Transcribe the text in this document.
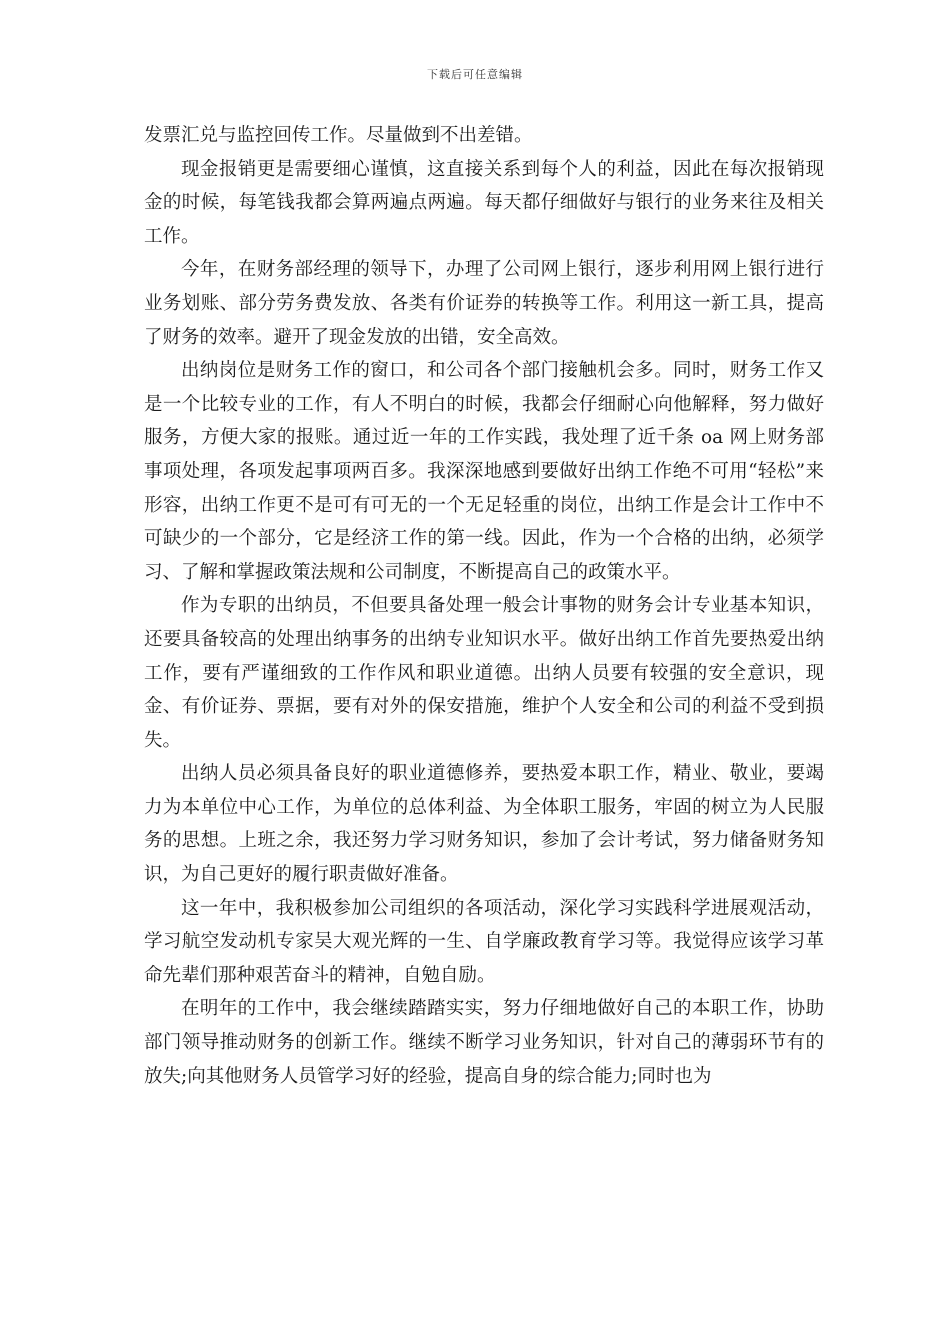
下载后可任意编辑

发票汇兑与监控回传工作。尽量做到不出差错。

现金报销更是需要细心谨慎，这直接关系到每个人的利益，因此在每次报销现金的时候，每笔钱我都会算两遍点两遍。每天都仔细做好与银行的业务来往及相关工作。

今年，在财务部经理的领导下，办理了公司网上银行，逐步利用网上银行进行业务划账、部分劳务费发放、各类有价证券的转换等工作。利用这一新工具，提高了财务的效率。避开了现金发放的出错，安全高效。

出纳岗位是财务工作的窗口，和公司各个部门接触机会多。同时，财务工作又是一个比较专业的工作，有人不明白的时候，我都会仔细耐心向他解释，努力做好服务，方便大家的报账。通过近一年的工作实践，我处理了近千条 oa 网上财务部事项处理，各项发起事项两百多。我深深地感到要做好出纳工作绝不可用“轻松”来形容，出纳工作更不是可有可无的一个无足轻重的岗位，出纳工作是会计工作中不可缺少的一个部分，它是经济工作的第一线。因此，作为一个合格的出纳，必须学习、了解和掌握政策法规和公司制度，不断提高自己的政策水平。

作为专职的出纳员，不但要具备处理一般会计事物的财务会计专业基本知识，还要具备较高的处理出纳事务的出纳专业知识水平。做好出纳工作首先要热爱出纳工作，要有严谨细致的工作作风和职业道德。出纳人员要有较强的安全意识，现金、有价证券、票据，要有对外的保安措施，维护个人安全和公司的利益不受到损失。

出纳人员必须具备良好的职业道德修养，要热爱本职工作，精业、敬业，要竭力为本单位中心工作，为单位的总体利益、为全体职工服务，牢固的树立为人民服务的思想。上班之余，我还努力学习财务知识，参加了会计考试，努力储备财务知识，为自己更好的履行职责做好准备。

这一年中，我积极参加公司组织的各项活动，深化学习实践科学进展观活动，学习航空发动机专家吴大观光辉的一生、自学廉政教育学习等。我觉得应该学习革命先辈们那种艰苦奋斗的精神，自勉自励。

在明年的工作中，我会继续踏踏实实，努力仔细地做好自己的本职工作，协助部门领导推动财务的创新工作。继续不断学习业务知识，针对自己的薄弱环节有的放失;向其他财务人员管学习好的经验，提高自身的综合能力;同时也为
